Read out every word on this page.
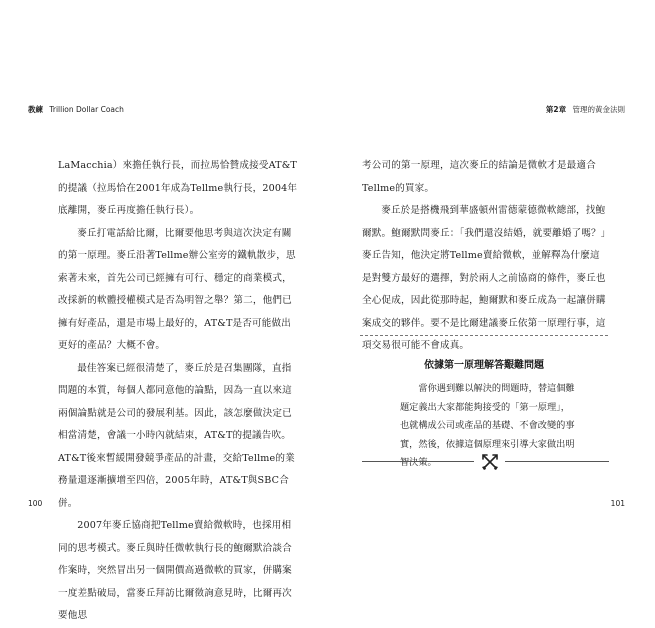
教練 Trillion Dollar Coach	第2章 管理的黃金法則

LaMacchia）來擔任執行長，而拉馬恰贊成接受AT&T的提議（拉馬恰在2001年成為Tellme執行長，2004年底離開，麥丘再度擔任執行長）。

麥丘打電話給比爾，比爾要他思考與這次決定有關的第一原理。麥丘沿著Tellme辦公室旁的鐵軌散步，思索著未來，首先公司已經擁有可行、穩定的商業模式，改採新的軟體授權模式是否為明智之舉？第二，他們已擁有好產品，還是市場上最好的，AT&T是否可能做出更好的產品？大概不會。

最佳答案已經很清楚了，麥丘於是召集團隊，直指問題的本質，每個人都同意他的論點，因為一直以來這兩個論點就是公司的發展利基。因此，該怎麼做決定已相當清楚，會議一小時內就結束，AT&T的提議告吹。AT&T後來暫緩開發競爭產品的計畫，交給Tellme的業務量還逐漸擴增至四倍，2005年時，AT&T與SBC合併。

2007年麥丘協商把Tellme賣給微軟時，也採用相同的思考模式。麥丘與時任微軟執行長的鮑爾默洽談合作案時，突然冒出另一個開價高過微軟的買家，併購案一度差點破局，當麥丘拜訪比爾徵詢意見時，比爾再次要他思

考公司的第一原理，這次麥丘的結論是微軟才是最適合Tellme的買家。

麥丘於是搭機飛到華盛頓州雷德蒙德微軟總部，找鮑爾默。鮑爾默問麥丘：「我們還沒結婚，就要離婚了嗎？」麥丘告知，他決定將Tellme賣給微軟，並解釋為什麼這是對雙方最好的選擇，對於兩人之前協商的條件，麥丘也全心促成，因此從那時起，鮑爾默和麥丘成為一起讓併購案成交的夥伴。要不是比爾建議麥丘依第一原理行事，這項交易很可能不會成真。

依據第一原理解答艱難問題

當你遇到難以解決的問題時，替這個難題定義出大家都能夠接受的「第一原理」，也就構成公司或產品的基礎、不會改變的事實，然後，依據這個原理來引導大家做出明智決策。

100	101
